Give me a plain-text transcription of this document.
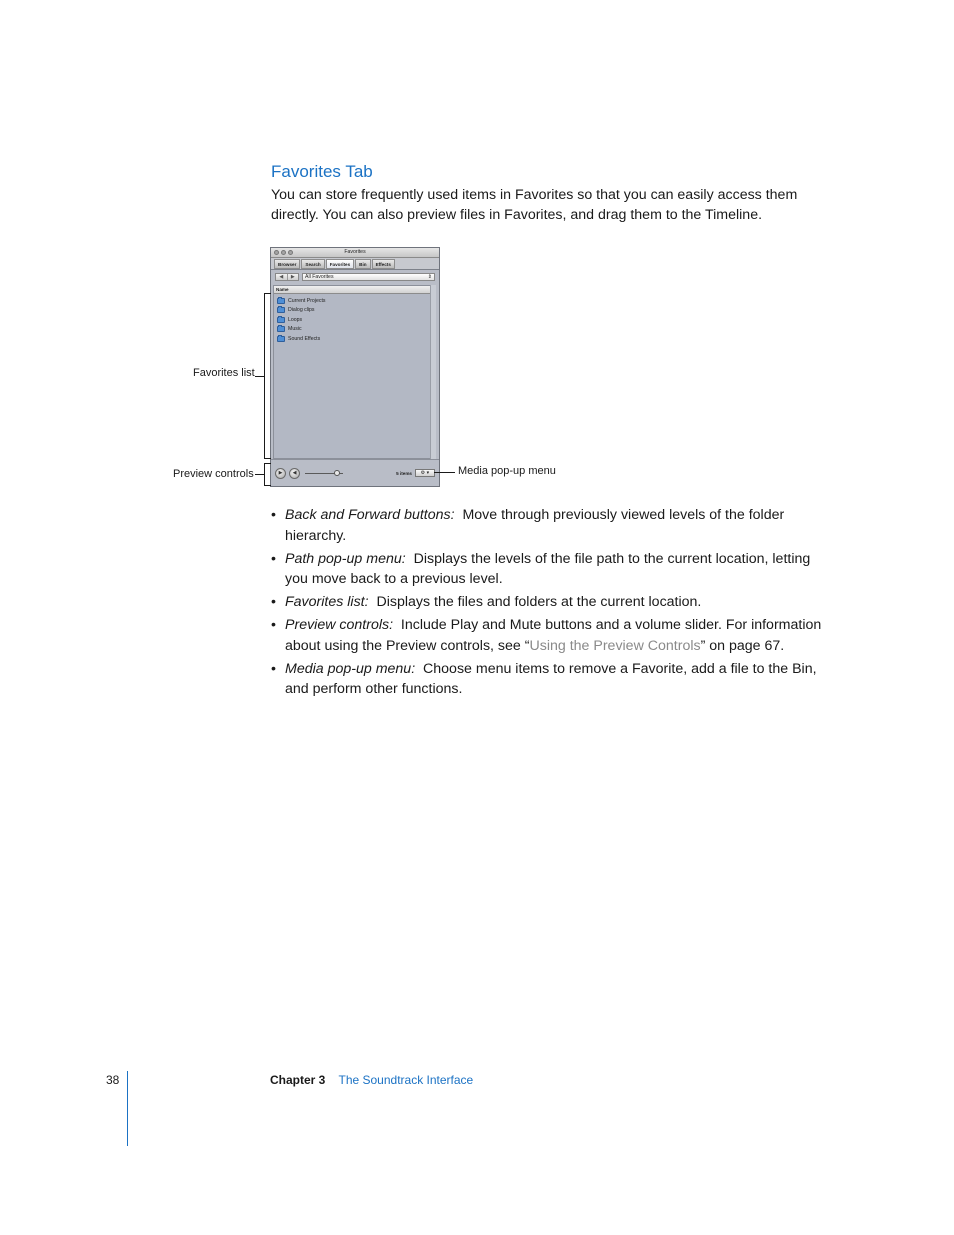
Favorites Tab

You can store frequently used items in Favorites so that you can easily access them directly. You can also preview files in Favorites, and drag them to the Timeline.

Favorites
Browser	Search	Favorites	Bin	Effects
◀	▶	All Favorites	⇕
Name
Current Projects
Dialog clips
Loops
Music
Sound Effects
▶ ◀	5 items	⚙ ▾
Favorites list
Preview controls	Media pop-up menu
• Back and Forward buttons: Move through previously viewed levels of the folder hierarchy.
• Path pop-up menu: Displays the levels of the file path to the current location, letting you move back to a previous level.
• Favorites list: Displays the files and folders at the current location.
• Preview controls: Include Play and Mute buttons and a volume slider. For information about using the Preview controls, see “Using the Preview Controls” on page 67.
• Media pop-up menu: Choose menu items to remove a Favorite, add a file to the Bin, and perform other functions.
38	Chapter 3 The Soundtrack Interface
